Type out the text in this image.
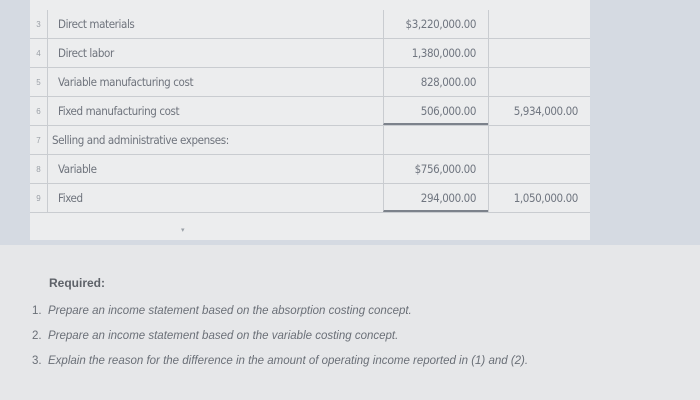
3	Direct materials	$3,220,000.00
4	Direct labor	1,380,000.00
5	Variable manufacturing cost	828,000.00
6	Fixed manufacturing cost	506,000.00	5,934,000.00
7 Selling and administrative expenses:
8	Variable	$756,000.00
9	Fixed	294,000.00	1,050,000.00
▾
Required:
1. Prepare an income statement based on the absorption costing concept.
2. Prepare an income statement based on the variable costing concept.
3. Explain the reason for the difference in the amount of operating income reported in (1) and (2).
